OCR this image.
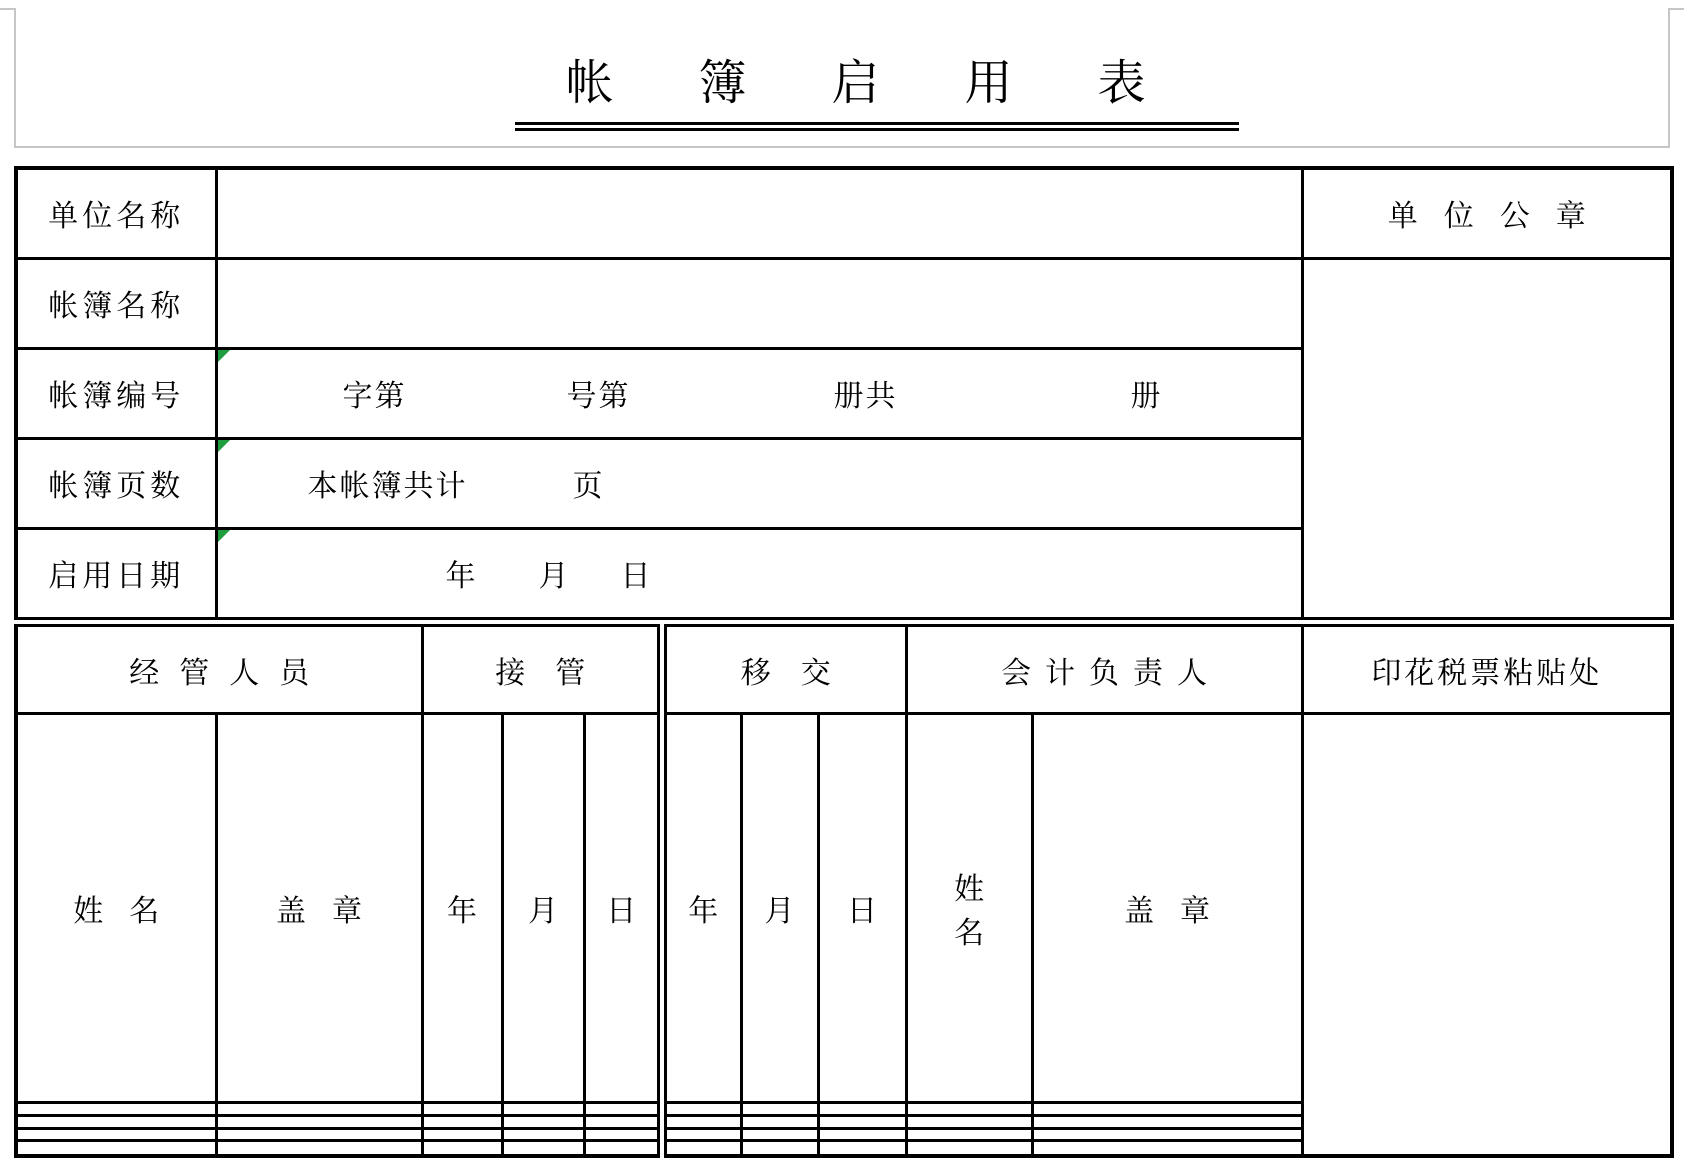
帐簿启用表
单位名称		单位公章
帐簿名称		
帐簿编号	字第 号第 册共 册	

帐簿页数	本帐簿共计 页	

启用日期	年 月 日	
经管人员		接管			移交			会计负责人		印花税票粘贴处
姓名	盖章	年	月	日	年	月	日	姓名	盖章	
